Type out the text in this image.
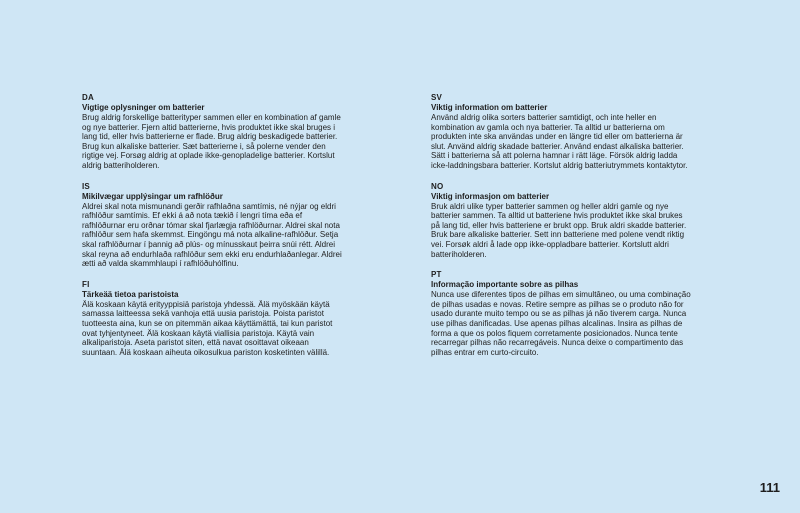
DA
Vigtige oplysninger om batterier
Brug aldrig forskellige batterityper sammen eller en kombination af gamle og nye batterier. Fjern altid batterierne, hvis produktet ikke skal bruges i lang tid, eller hvis batterierne er flade. Brug aldrig beskadigede batterier. Brug kun alkaliske batterier. Sæt batterierne i, så polerne vender den rigtige vej. Forsøg aldrig at oplade ikke-genopladelige batterier. Kortslut aldrig batteriholderen.
IS
Mikilvægar upplýsingar um rafhlöður
Aldrei skal nota mismunandi gerðir rafhlaðna samtímis, né nýjar og eldri rafhlöður samtímis. Ef ekki á að nota tækið í lengri tíma eða ef rafhlöðurnar eru orðnar tómar skal fjarlægja rafhlöðurnar. Aldrei skal nota rafhlöður sem hafa skemmst. Eingöngu má nota alkaline-rafhlöður. Setja skal rafhlöðurnar í þannig að plús- og mínusskaut þeirra snúi rétt. Aldrei skal reyna að endurhlaða rafhlöður sem ekki eru endurhlaðanlegar. Aldrei ætti að valda skammhlaupi í rafhlöðuhólfinu.
FI
Tärkeää tietoa paristoista
Älä koskaan käytä erityyppisiä paristoja yhdessä. Älä myöskään käytä samassa laitteessa sekä vanhoja että uusia paristoja. Poista paristot tuotteesta aina, kun se on pitemmän aikaa käyttämättä, tai kun paristot ovat tyhjentyneet. Älä koskaan käytä viallisia paristoja. Käytä vain alkaliparistoja. Aseta paristot siten, että navat osoittavat oikeaan suuntaan. Älä koskaan aiheuta oikosulkua pariston kosketinten välillä.
SV
Viktig information om batterier
Använd aldrig olika sorters batterier samtidigt, och inte heller en kombination av gamla och nya batterier. Ta alltid ur batterierna om produkten inte ska användas under en längre tid eller om batterierna är slut. Använd aldrig skadade batterier. Använd endast alkaliska batterier. Sätt i batterierna så att polerna hamnar i rätt läge. Försök aldrig ladda icke-laddningsbara batterier. Kortslut aldrig batteriutrymmets kontaktytor.
NO
Viktig informasjon om batterier
Bruk aldri ulike typer batterier sammen og heller aldri gamle og nye batterier sammen. Ta alltid ut batteriene hvis produktet ikke skal brukes på lang tid, eller hvis batteriene er brukt opp. Bruk aldri skadde batterier. Bruk bare alkaliske batterier. Sett inn batteriene med polene vendt riktig vei. Forsøk aldri å lade opp ikke-oppladbare batterier. Kortslutt aldri batteriholderen.
PT
Informação importante sobre as pilhas
Nunca use diferentes tipos de pilhas em simultâneo, ou uma combinação de pilhas usadas e novas. Retire sempre as pilhas se o produto não for usado durante muito tempo ou se as pilhas já não tiverem carga. Nunca use pilhas danificadas. Use apenas pilhas alcalinas. Insira as pilhas de forma a que os polos fiquem corretamente posicionados. Nunca tente recarregar pilhas não recarregáveis. Nunca deixe o compartimento das pilhas entrar em curto-circuito.
111
